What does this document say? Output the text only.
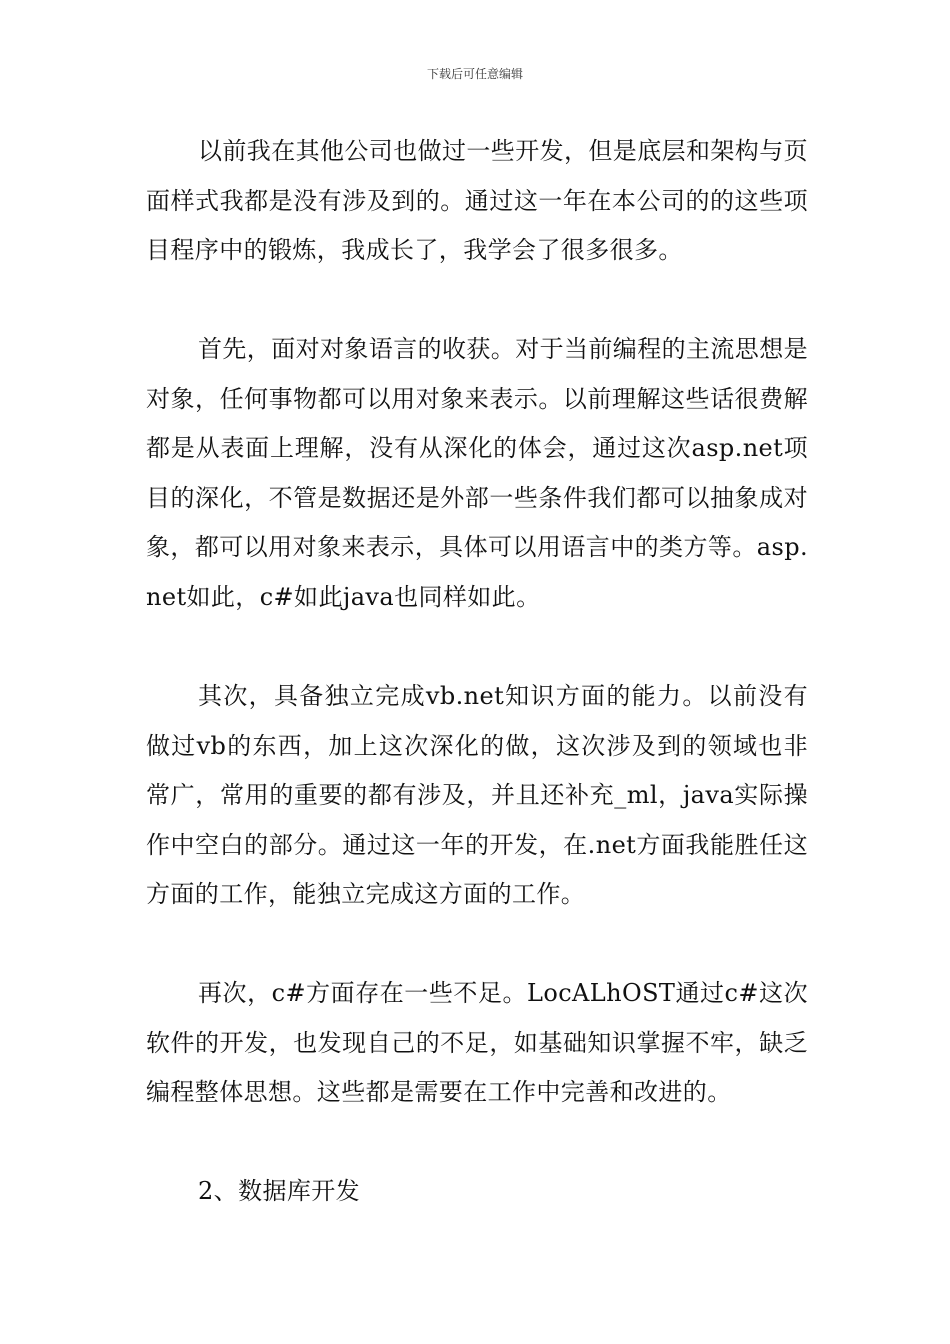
下载后可任意编辑

以前我在其他公司也做过一些开发，但是底层和架构与页面样式我都是没有涉及到的。通过这一年在本公司的的这些项目程序中的锻炼，我成长了，我学会了很多很多。

首先，面对对象语言的收获。对于当前编程的主流思想是对象，任何事物都可以用对象来表示。以前理解这些话很费解都是从表面上理解，没有从深化的体会，通过这次asp.net项目的深化，不管是数据还是外部一些条件我们都可以抽象成对象，都可以用对象来表示，具体可以用语言中的类方等。asp.net如此，c#如此java也同样如此。

其次，具备独立完成vb.net知识方面的能力。以前没有做过vb的东西，加上这次深化的做，这次涉及到的领域也非常广，常用的重要的都有涉及，并且还补充_ml，java实际操作中空白的部分。通过这一年的开发，在.net方面我能胜任这方面的工作，能独立完成这方面的工作。

再次，c#方面存在一些不足。LocALhOST通过c#这次软件的开发，也发现自己的不足，如基础知识掌握不牢，缺乏编程整体思想。这些都是需要在工作中完善和改进的。

2、数据库开发
